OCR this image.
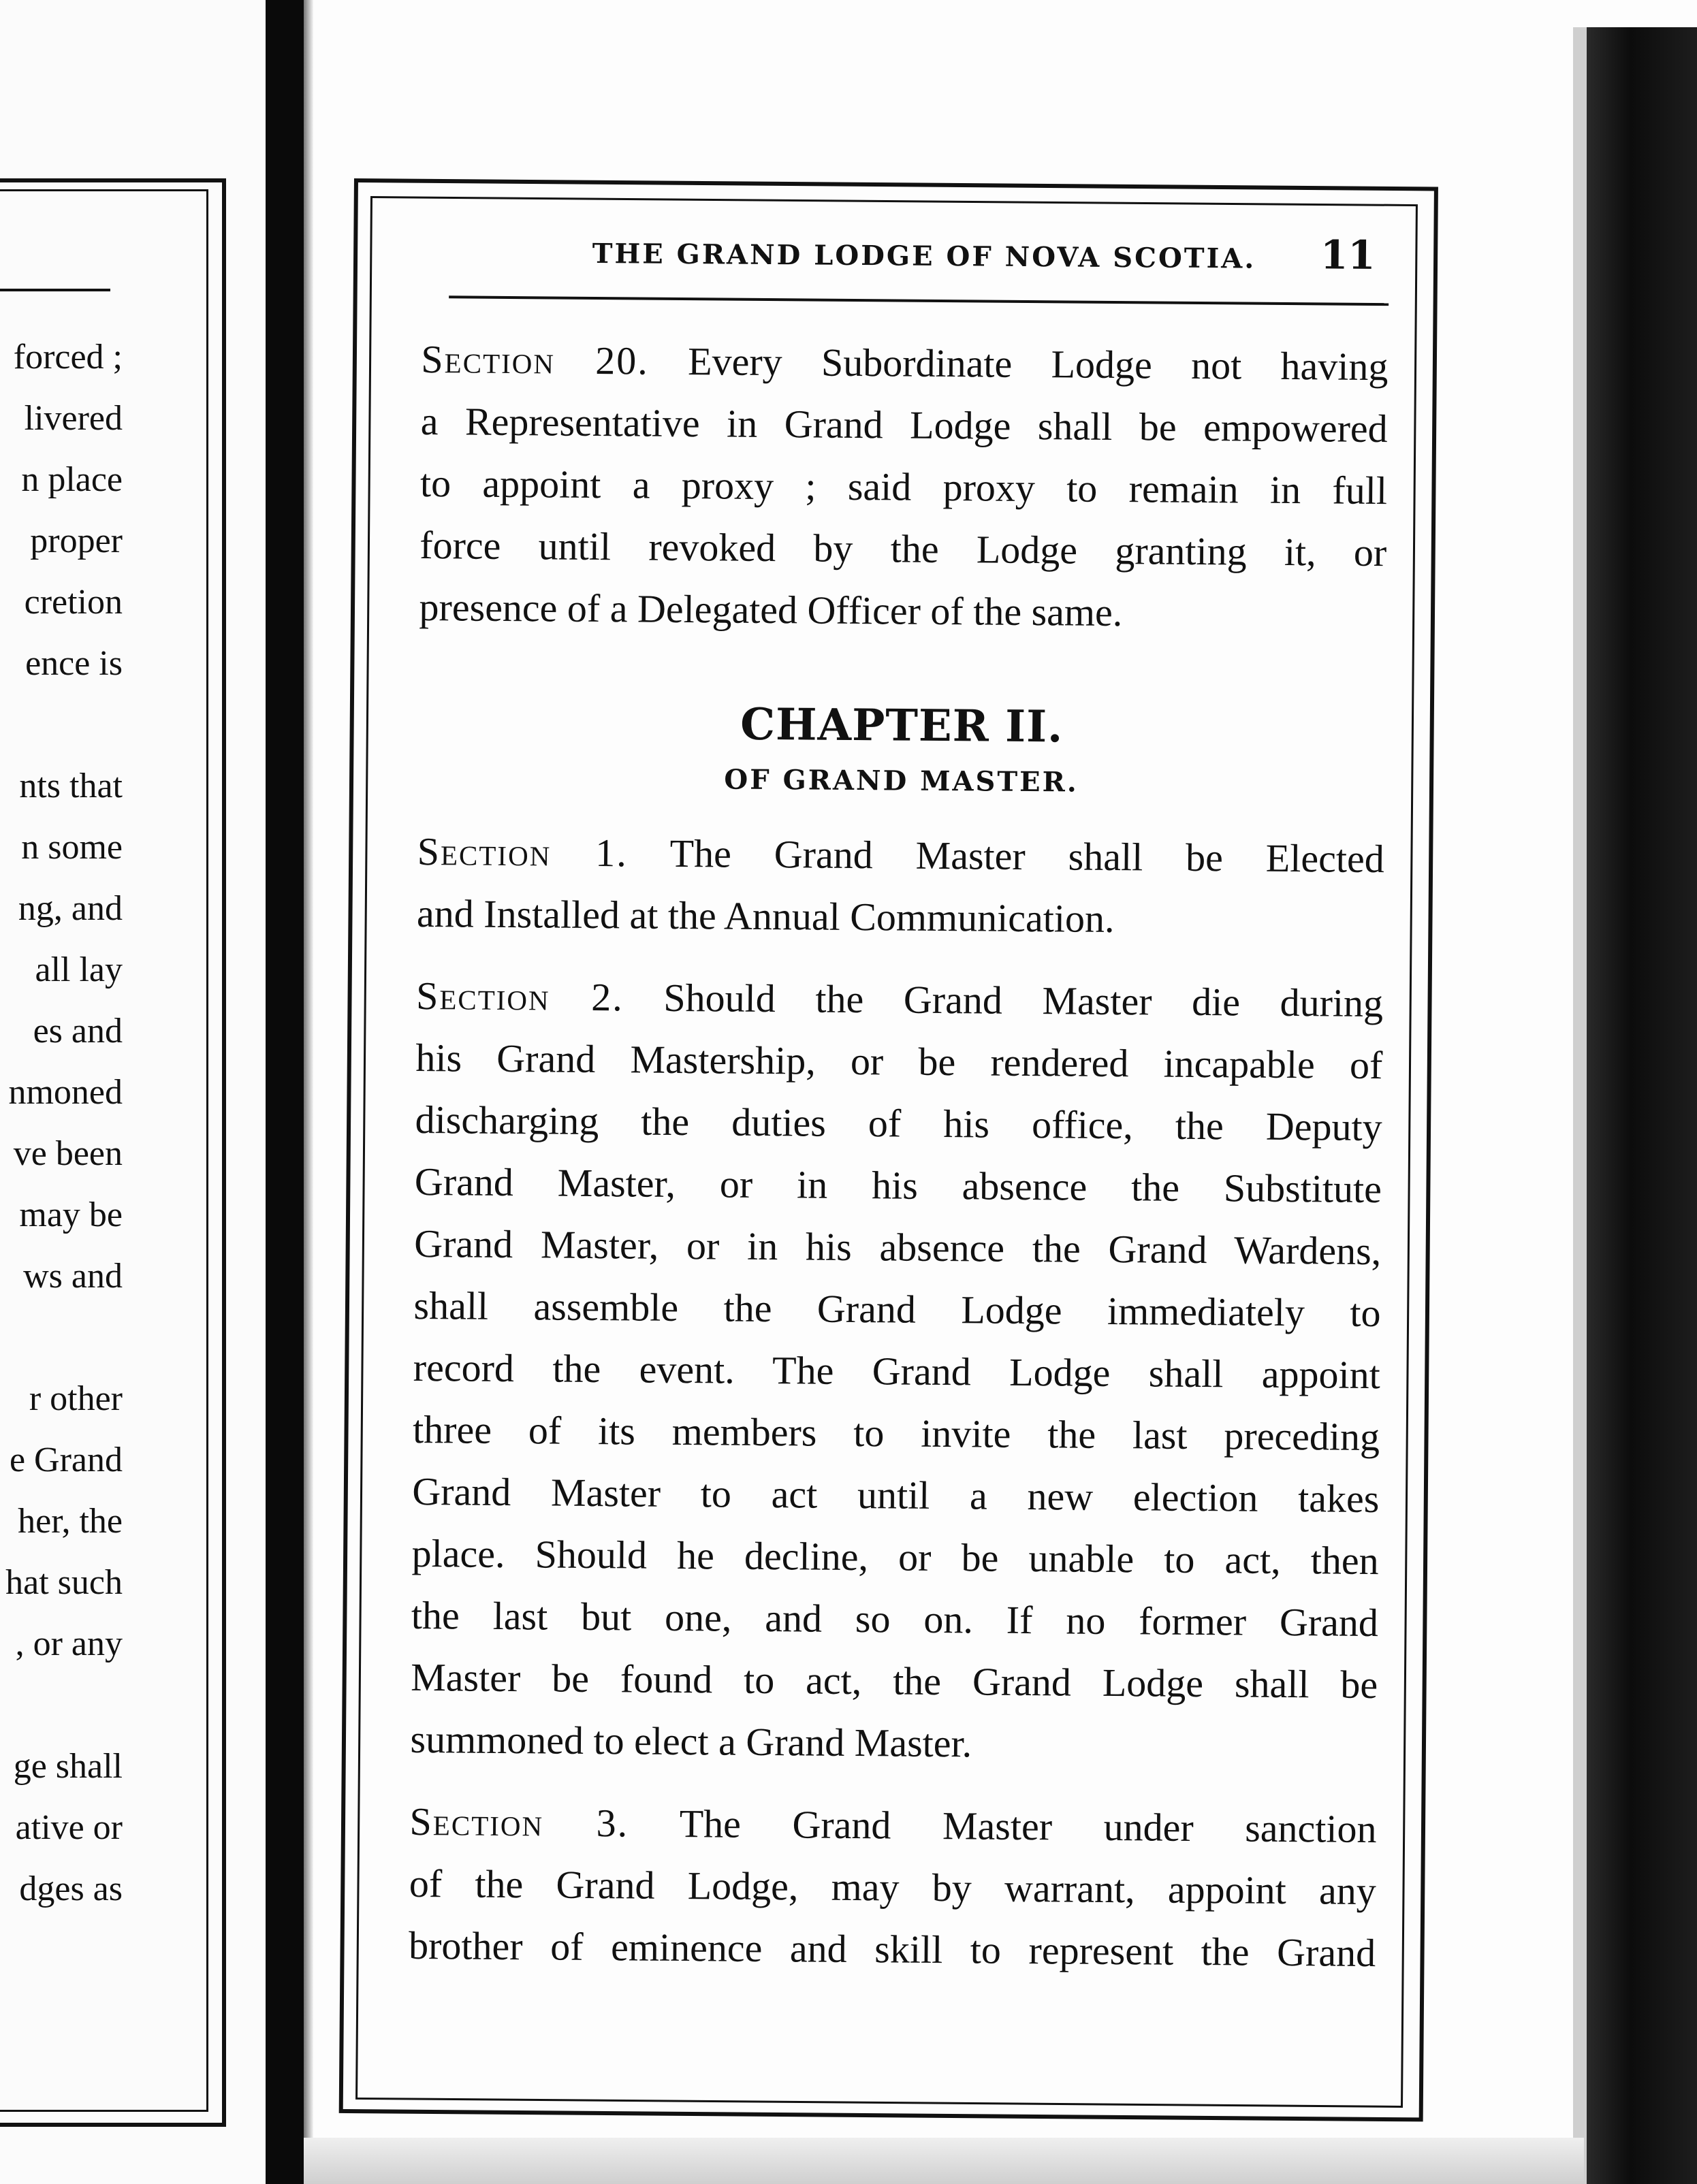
forced ;
livered
n place
proper
cretion
ence is
nts that
n some
ng, and
all lay
es and
nmoned
ve been
may be
ws and
r other
e Grand
her, the
hat such
, or any
ge shall
ative or
dges as
THE GRAND LODGE OF NOVA SCOTIA. 11
Section 20. Every Subordinate Lodge not having
a Representative in Grand Lodge shall be empowered
to appoint a proxy ; said proxy to remain in full
force until revoked by the Lodge granting it, or
presence of a Delegated Officer of the same.
CHAPTER II.
OF GRAND MASTER.
Section 1. The Grand Master shall be Elected
and Installed at the Annual Communication.
Section 2. Should the Grand Master die during
his Grand Mastership, or be rendered incapable of
discharging the duties of his office, the Deputy
Grand Master, or in his absence the Substitute
Grand Master, or in his absence the Grand Wardens,
shall assemble the Grand Lodge immediately to
record the event. The Grand Lodge shall appoint
three of its members to invite the last preceding
Grand Master to act until a new election takes
place. Should he decline, or be unable to act, then
the last but one, and so on. If no former Grand
Master be found to act, the Grand Lodge shall be
summoned to elect a Grand Master.
Section 3. The Grand Master under sanction
of the Grand Lodge, may by warrant, appoint any
brother of eminence and skill to represent the Grand
